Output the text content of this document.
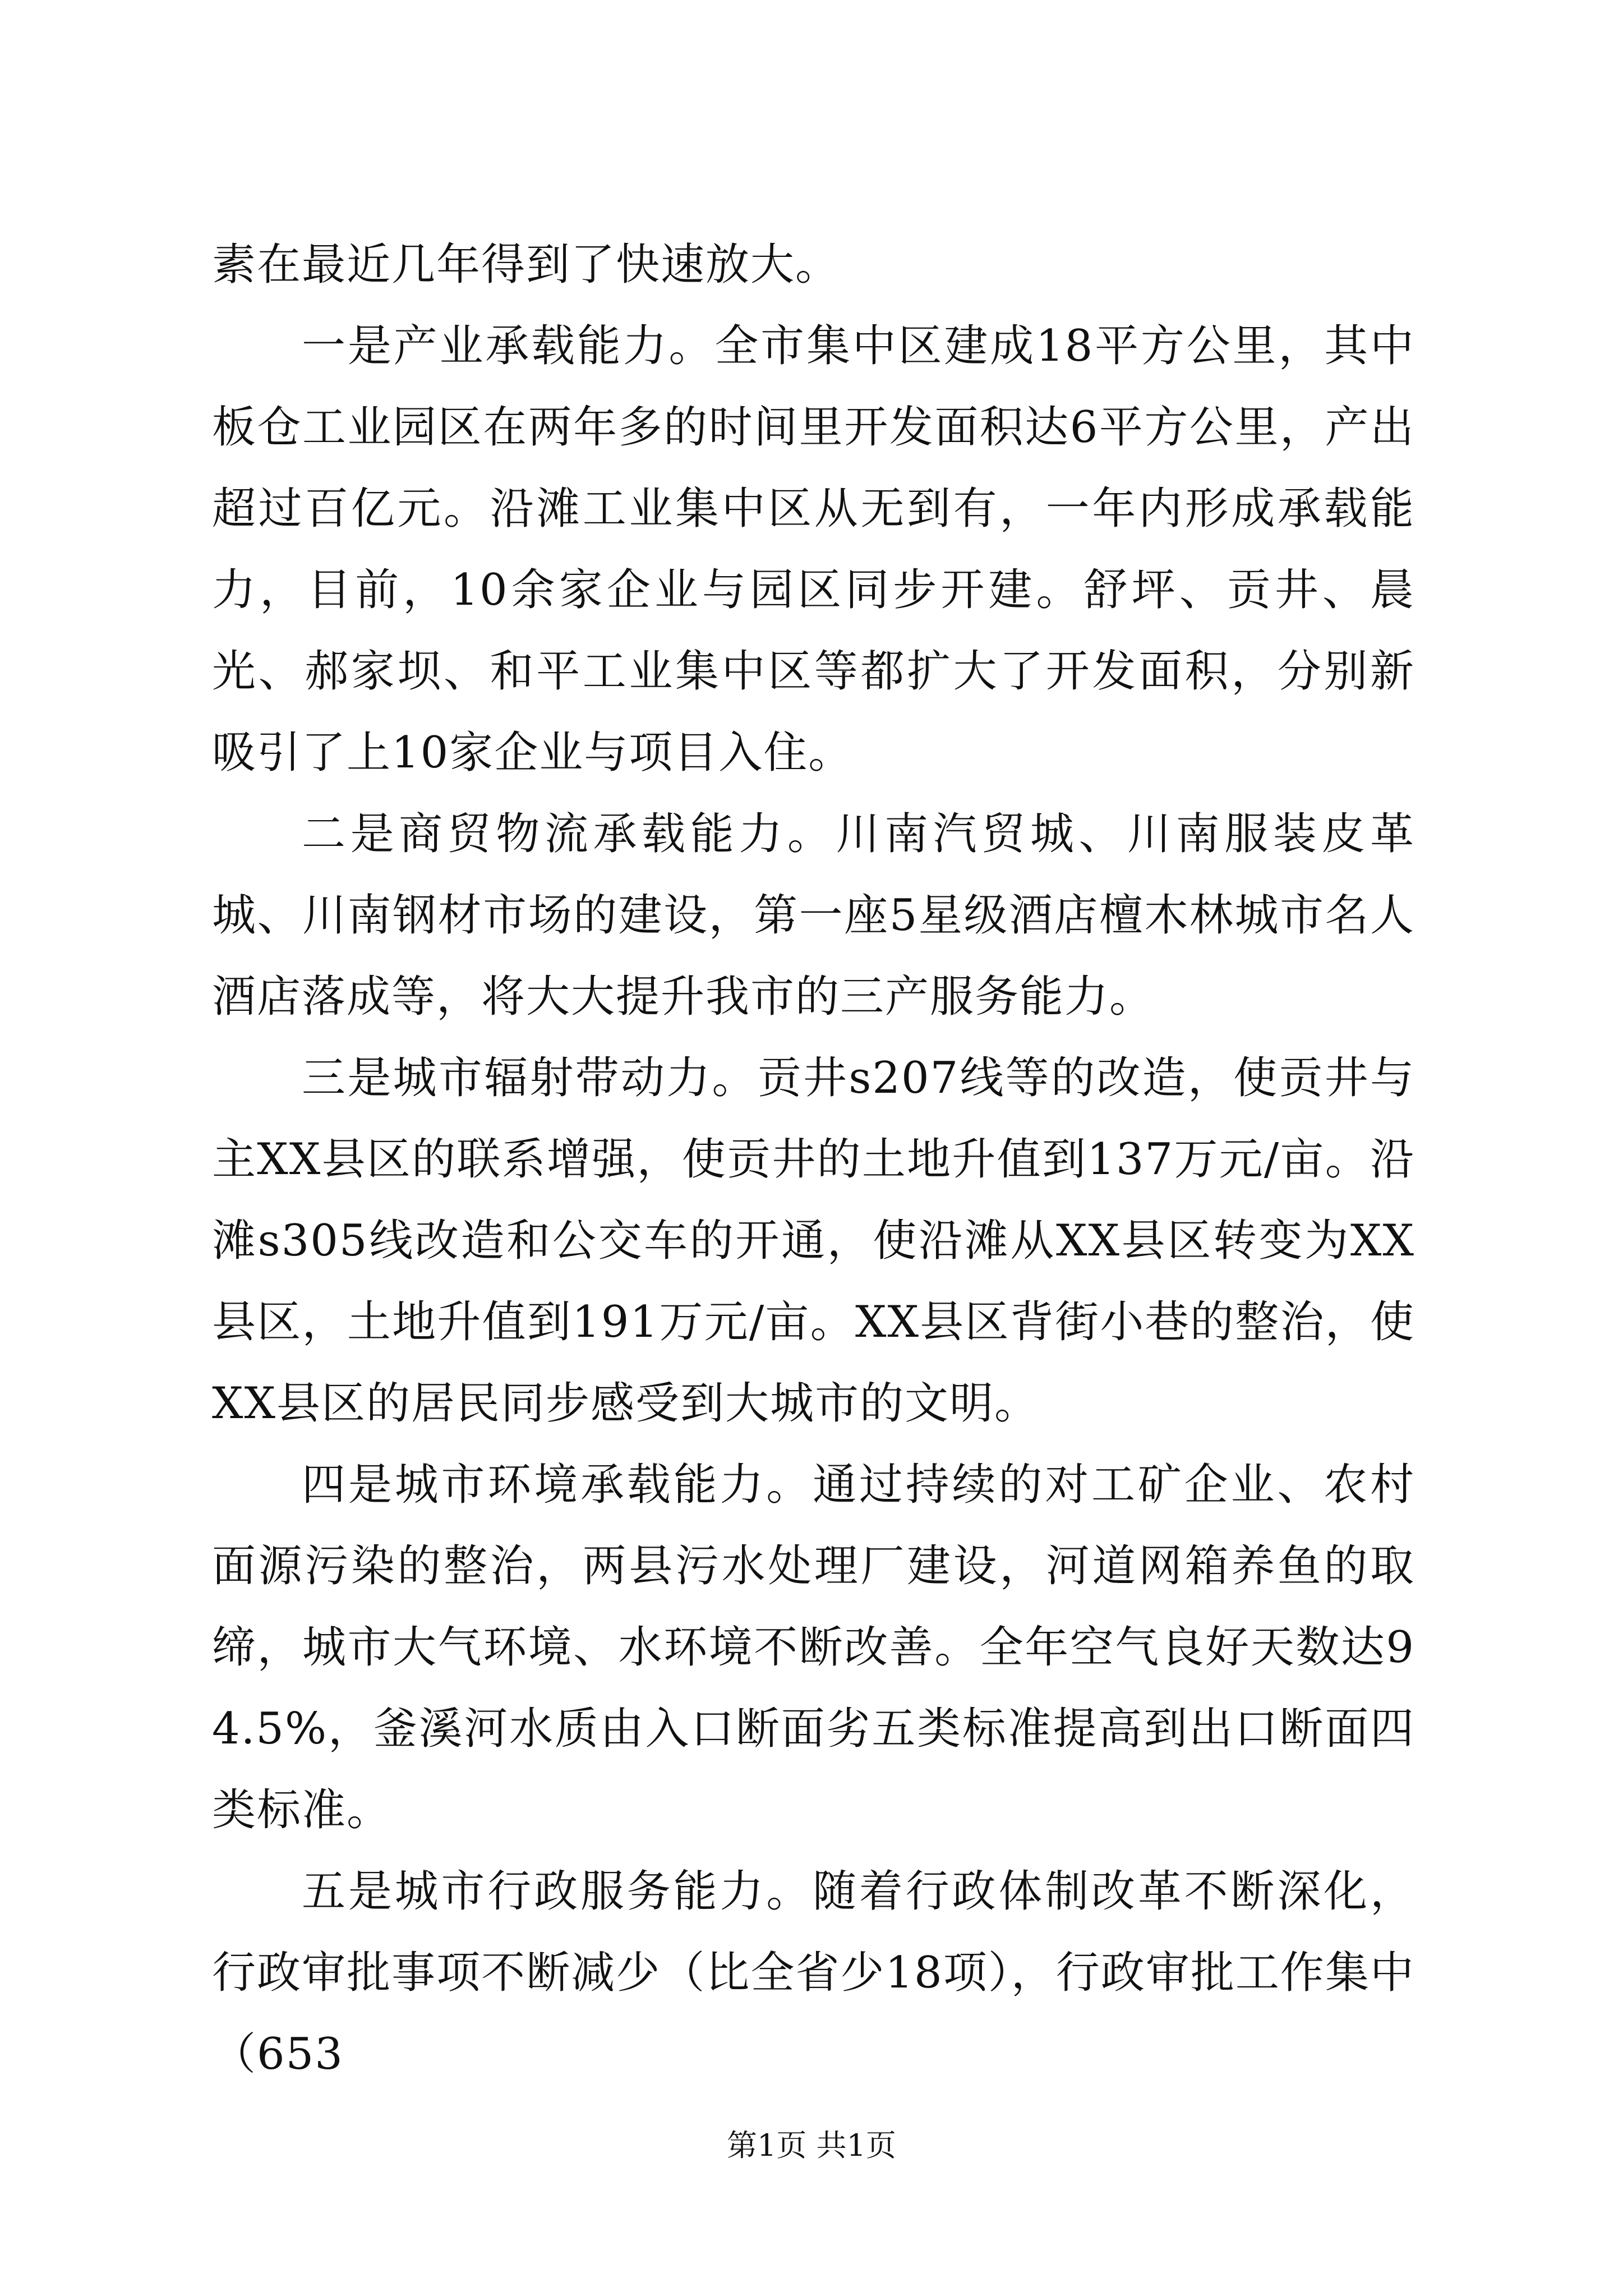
素在最近几年得到了快速放大。

一是产业承载能力。全市集中区建成18平方公里，其中板仓工业园区在两年多的时间里开发面积达6平方公里，产出超过百亿元。沿滩工业集中区从无到有，一年内形成承载能力，目前，10余家企业与园区同步开建。舒坪、贡井、晨光、郝家坝、和平工业集中区等都扩大了开发面积，分别新吸引了上10家企业与项目入住。

二是商贸物流承载能力。川南汽贸城、川南服装皮革城、川南钢材市场的建设，第一座5星级酒店檀木林城市名人酒店落成等，将大大提升我市的三产服务能力。

三是城市辐射带动力。贡井s207线等的改造，使贡井与主XX县区的联系增强，使贡井的土地升值到137万元/亩。沿滩s305线改造和公交车的开通，使沿滩从XX县区转变为XX县区，土地升值到191万元/亩。XX县区背街小巷的整治，使XX县区的居民同步感受到大城市的文明。

四是城市环境承载能力。通过持续的对工矿企业、农村面源污染的整治，两县污水处理厂建设，河道网箱养鱼的取缔，城市大气环境、水环境不断改善。全年空气良好天数达94.5%，釜溪河水质由入口断面劣五类标准提高到出口断面四类标准。

五是城市行政服务能力。随着行政体制改革不断深化，行政审批事项不断减少（比全省少18项），行政审批工作集中（653

第1页 共1页
